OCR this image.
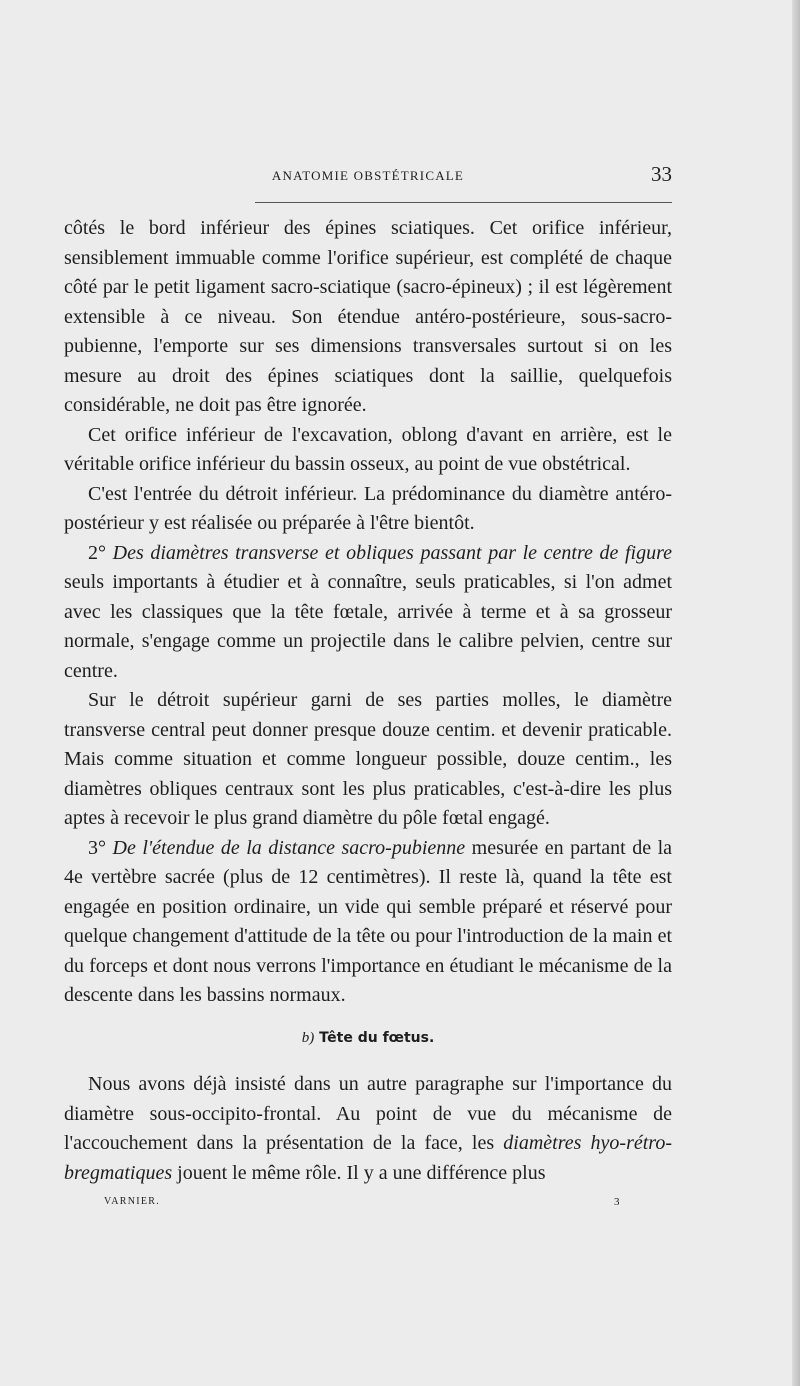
ANATOMIE OBSTÉTRICALE	33

côtés le bord inférieur des épines sciatiques. Cet orifice inférieur, sensiblement immuable comme l'orifice supérieur, est complété de chaque côté par le petit ligament sacro-sciatique (sacro-épineux) ; il est légèrement extensible à ce niveau. Son étendue antéro-postérieure, sous-sacro-pubienne, l'emporte sur ses dimensions transversales surtout si on les mesure au droit des épines sciatiques dont la saillie, quelquefois considérable, ne doit pas être ignorée.

Cet orifice inférieur de l'excavation, oblong d'avant en arrière, est le véritable orifice inférieur du bassin osseux, au point de vue obstétrical.

C'est l'entrée du détroit inférieur. La prédominance du diamètre antéro-postérieur y est réalisée ou préparée à l'être bientôt.

2° Des diamètres transverse et obliques passant par le centre de figure seuls importants à étudier et à connaître, seuls praticables, si l'on admet avec les classiques que la tête fœtale, arrivée à terme et à sa grosseur normale, s'engage comme un projectile dans le calibre pelvien, centre sur centre.

Sur le détroit supérieur garni de ses parties molles, le diamètre transverse central peut donner presque douze centim. et devenir praticable. Mais comme situation et comme longueur possible, douze centim., les diamètres obliques centraux sont les plus praticables, c'est-à-dire les plus aptes à recevoir le plus grand diamètre du pôle fœtal engagé.

3° De l'étendue de la distance sacro-pubienne mesurée en partant de la 4e vertèbre sacrée (plus de 12 centimètres). Il reste là, quand la tête est engagée en position ordinaire, un vide qui semble préparé et réservé pour quelque changement d'attitude de la tête ou pour l'introduction de la main et du forceps et dont nous verrons l'importance en étudiant le mécanisme de la descente dans les bassins normaux.

b) Tête du fœtus.

Nous avons déjà insisté dans un autre paragraphe sur l'importance du diamètre sous-occipito-frontal. Au point de vue du mécanisme de l'accouchement dans la présentation de la face, les diamètres hyo-rétro-bregmatiques jouent le même rôle. Il y a une différence plus

VARNIER.	3
